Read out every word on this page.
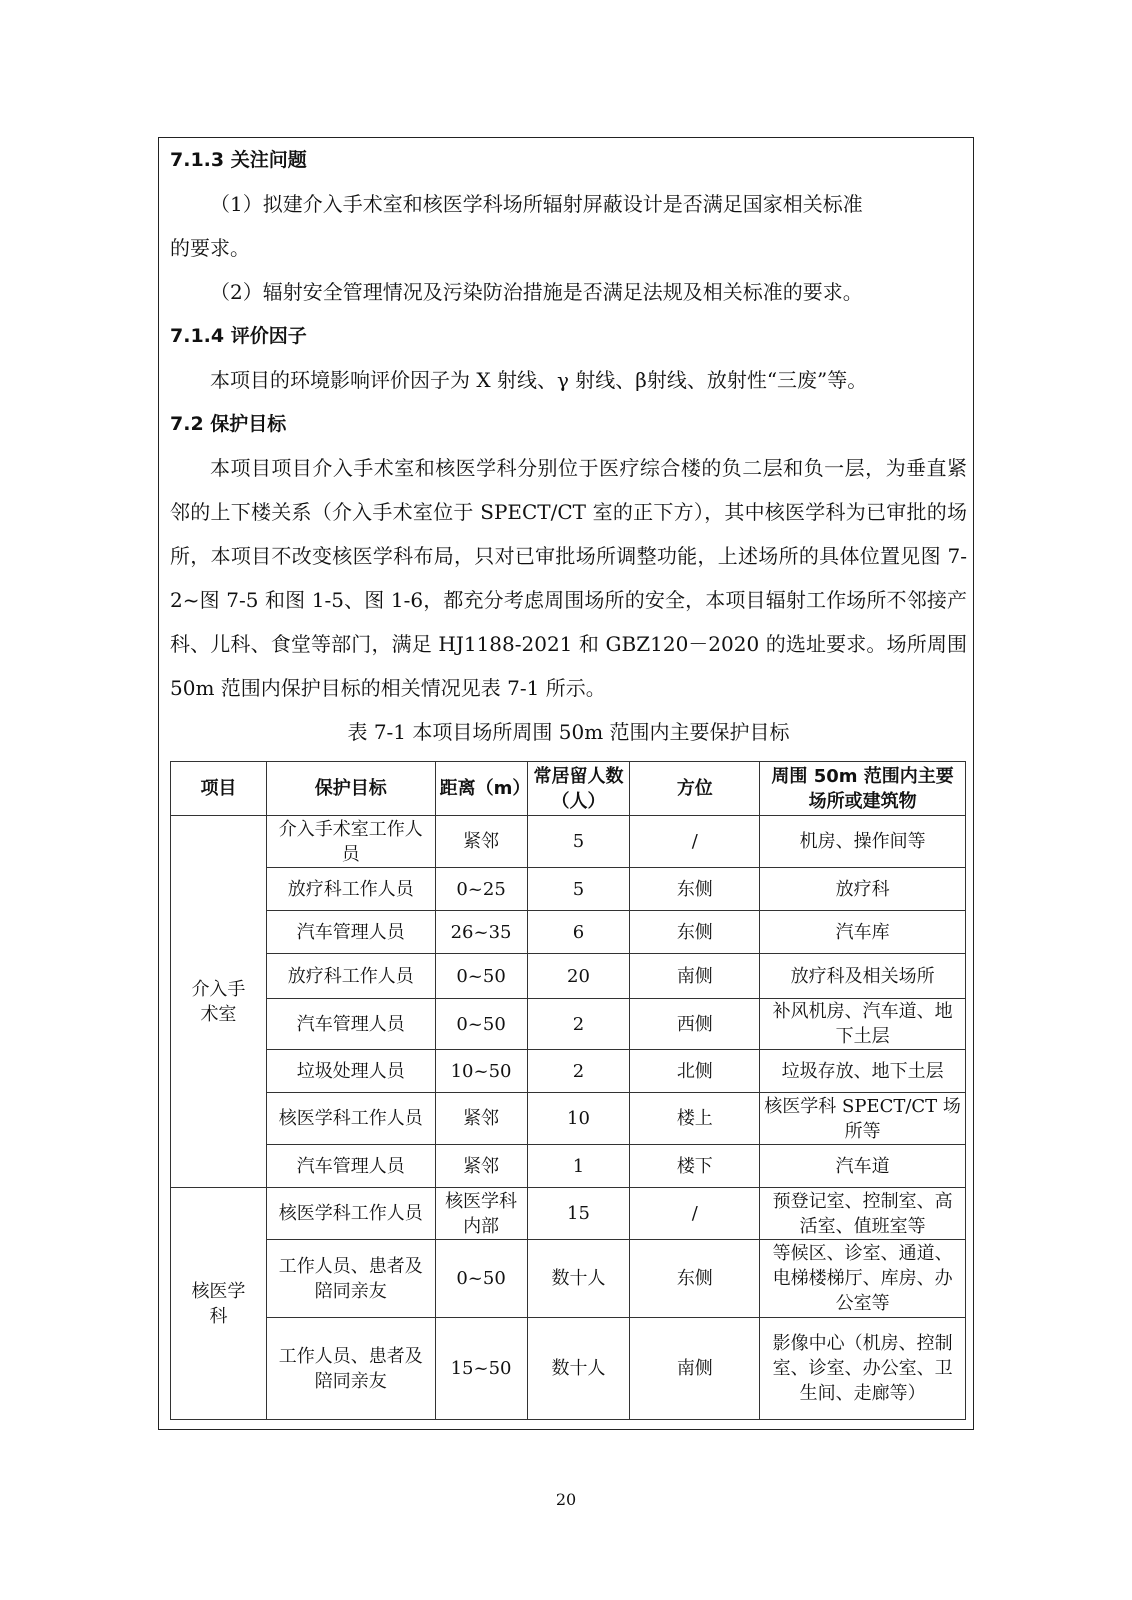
7.1.3 关注问题

（1）拟建介入手术室和核医学科场所辐射屏蔽设计是否满足国家相关标准

的要求。

（2）辐射安全管理情况及污染防治措施是否满足法规及相关标准的要求。

7.1.4 评价因子

本项目的环境影响评价因子为 X 射线、γ 射线、β射线、放射性“三废”等。

7.2 保护目标

本项目项目介入手术室和核医学科分别位于医疗综合楼的负二层和负一层，为垂直紧邻的上下楼关系（介入手术室位于 SPECT/CT 室的正下方），其中核医学科为已审批的场所，本项目不改变核医学科布局，只对已审批场所调整功能，上述场所的具体位置见图 7-2~图 7-5 和图 1-5、图 1-6，都充分考虑周围场所的安全，本项目辐射工作场所不邻接产科、儿科、食堂等部门，满足 HJ1188-2021 和 GBZ120－2020 的选址要求。场所周围 50m 范围内保护目标的相关情况见表 7-1 所示。

表 7-1 本项目场所周围 50m 范围内主要保护目标

项目	保护目标	距离（m）	常居留人数（人）	方位	周围 50m 范围内主要场所或建筑物
介入手术室	介入手术室工作人员	紧邻	5	/	机房、操作间等
	放疗科工作人员	0~25	5	东侧	放疗科
	汽车管理人员	26~35	6	东侧	汽车库
	放疗科工作人员	0~50	20	南侧	放疗科及相关场所
	汽车管理人员	0~50	2	西侧	补风机房、汽车道、地下土层
	垃圾处理人员	10~50	2	北侧	垃圾存放、地下土层
	核医学科工作人员	紧邻	10	楼上	核医学科 SPECT/CT 场所等
	汽车管理人员	紧邻	1	楼下	汽车道
核医学科	核医学科工作人员	核医学科内部	15	/	预登记室、控制室、高活室、值班室等
	工作人员、患者及陪同亲友	0~50	数十人	东侧	等候区、诊室、通道、电梯楼梯厅、库房、办公室等
	工作人员、患者及陪同亲友	15~50	数十人	南侧	影像中心（机房、控制室、诊室、办公室、卫生间、走廊等）
20
